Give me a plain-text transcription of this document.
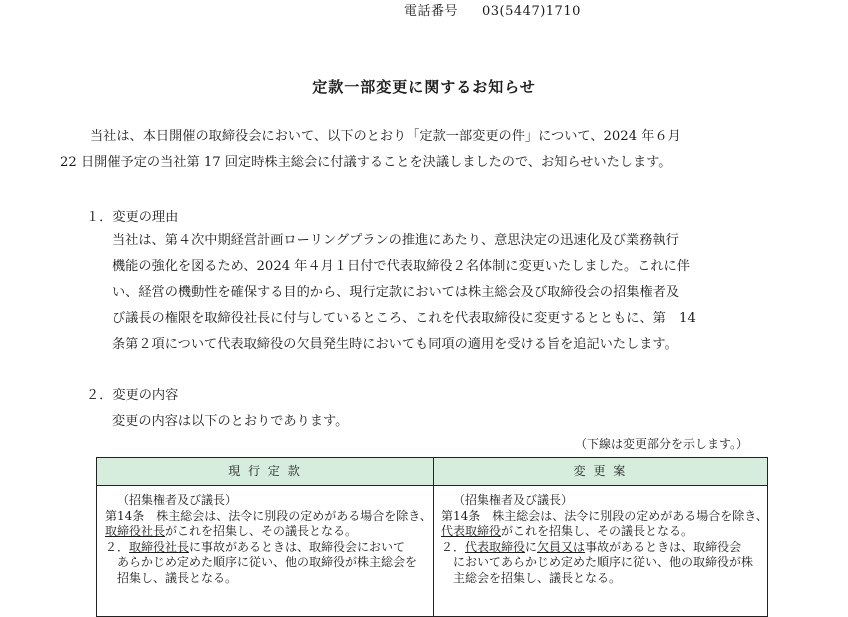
電話番号 03(5447)1710
定款一部変更に関するお知らせ
当社は、本日開催の取締役会において、以下のとおり「定款一部変更の件」について、2024 年６月
22 日開催予定の当社第 17 回定時株主総会に付議することを決議しましたので、お知らせいたします。
１．変更の理由
当社は、第４次中期経営計画ローリングプランの推進にあたり、意思決定の迅速化及び業務執行
機能の強化を図るため、2024 年４月１日付で代表取締役２名体制に変更いたしました。これに伴
い、経営の機動性を確保する目的から、現行定款においては株主総会及び取締役会の招集権者及
び議長の権限を取締役社長に付与しているところ、これを代表取締役に変更するとともに、第　14
条第２項について代表取締役の欠員発生時においても同項の適用を受ける旨を追記いたします。
２．変更の内容
変更の内容は以下のとおりであります。
（下線は変更部分を示します。）
現 行 定 款	変 更 案
（招集権者及び議長）
第14条　株主総会は、法令に別段の定めがある場合を除き、
取締役社長がこれを招集し、その議長となる。
２．取締役社長に事故があるときは、取締役会において
あらかじめ定めた順序に従い、他の取締役が株主総会を
招集し、議長となる。
（招集権者及び議長）
第14条　株主総会は、法令に別段の定めがある場合を除き、
代表取締役がこれを招集し、その議長となる。
２．代表取締役に欠員又は事故があるときは、取締役会
においてあらかじめ定めた順序に従い、他の取締役が株
主総会を招集し、議長となる。
